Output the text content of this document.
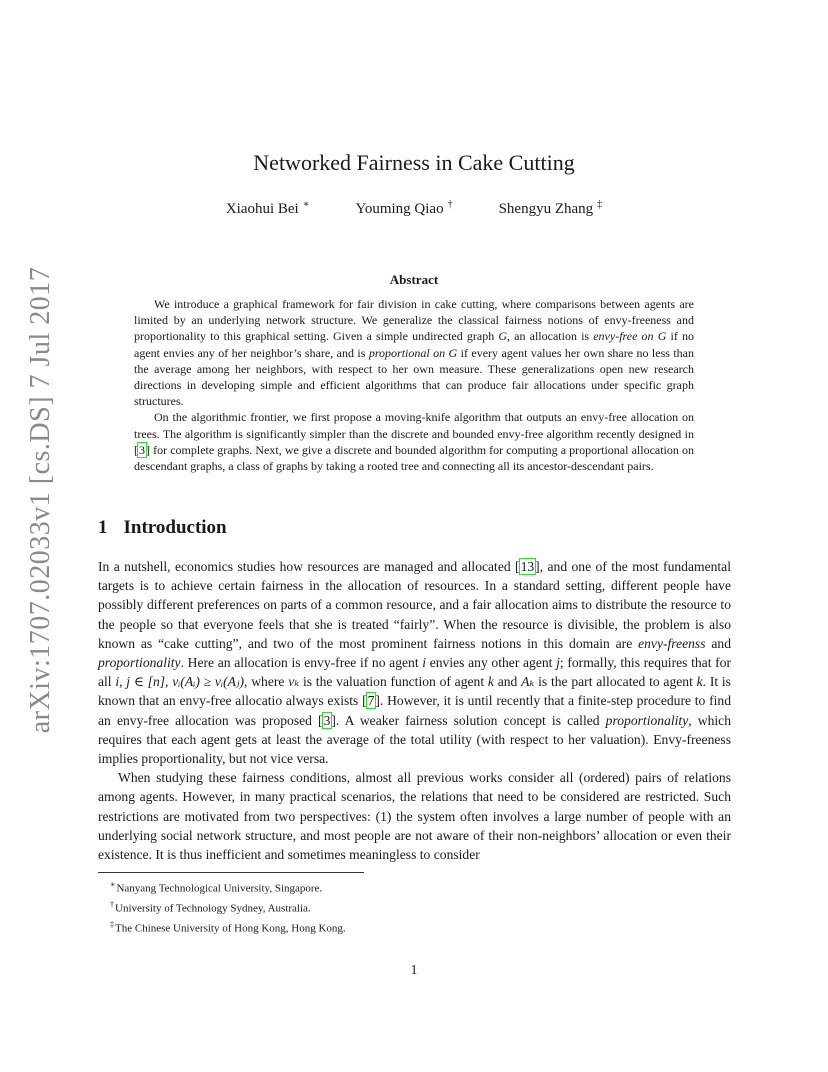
arXiv:1707.02033v1 [cs.DS] 7 Jul 2017
Networked Fairness in Cake Cutting
Xiaohui Bei ∗	Youming Qiao †	Shengyu Zhang ‡
Abstract

We introduce a graphical framework for fair division in cake cutting, where comparisons between agents are limited by an underlying network structure. We generalize the classical fairness notions of envy-freeness and proportionality to this graphical setting. Given a simple undirected graph G, an allocation is envy-free on G if no agent envies any of her neighbor’s share, and is proportional on G if every agent values her own share no less than the average among her neighbors, with respect to her own measure. These generalizations open new research directions in developing simple and efficient algorithms that can produce fair allocations under specific graph structures.

On the algorithmic frontier, we first propose a moving-knife algorithm that outputs an envy-free allocation on trees. The algorithm is significantly simpler than the discrete and bounded envy-free algorithm recently designed in [3] for complete graphs. Next, we give a discrete and bounded algorithm for computing a proportional allocation on descendant graphs, a class of graphs by taking a rooted tree and connecting all its ancestor-descendant pairs.

1 Introduction

In a nutshell, economics studies how resources are managed and allocated [13], and one of the most fundamental targets is to achieve certain fairness in the allocation of resources. In a standard setting, different people have possibly different preferences on parts of a common resource, and a fair allocation aims to distribute the resource to the people so that everyone feels that she is treated “fairly”. When the resource is divisible, the problem is also known as “cake cutting”, and two of the most prominent fairness notions in this domain are envy-freenss and proportionality. Here an allocation is envy-free if no agent i envies any other agent j; formally, this requires that for all i, j ∈ [n], vᵢ(Aᵢ) ≥ vᵢ(Aⱼ), where vₖ is the valuation function of agent k and Aₖ is the part allocated to agent k. It is known that an envy-free allocatio always exists [7]. However, it is until recently that a finite-step procedure to find an envy-free allocation was proposed [3]. A weaker fairness solution concept is called proportionality, which requires that each agent gets at least the average of the total utility (with respect to her valuation). Envy-freeness implies proportionality, but not vice versa.

When studying these fairness conditions, almost all previous works consider all (ordered) pairs of relations among agents. However, in many practical scenarios, the relations that need to be considered are restricted. Such restrictions are motivated from two perspectives: (1) the system often involves a large number of people with an underlying social network structure, and most people are not aware of their non-neighbors’ allocation or even their existence. It is thus inefficient and sometimes meaningless to consider

∗Nanyang Technological University, Singapore.
†University of Technology Sydney, Australia.
‡The Chinese University of Hong Kong, Hong Kong.
1
